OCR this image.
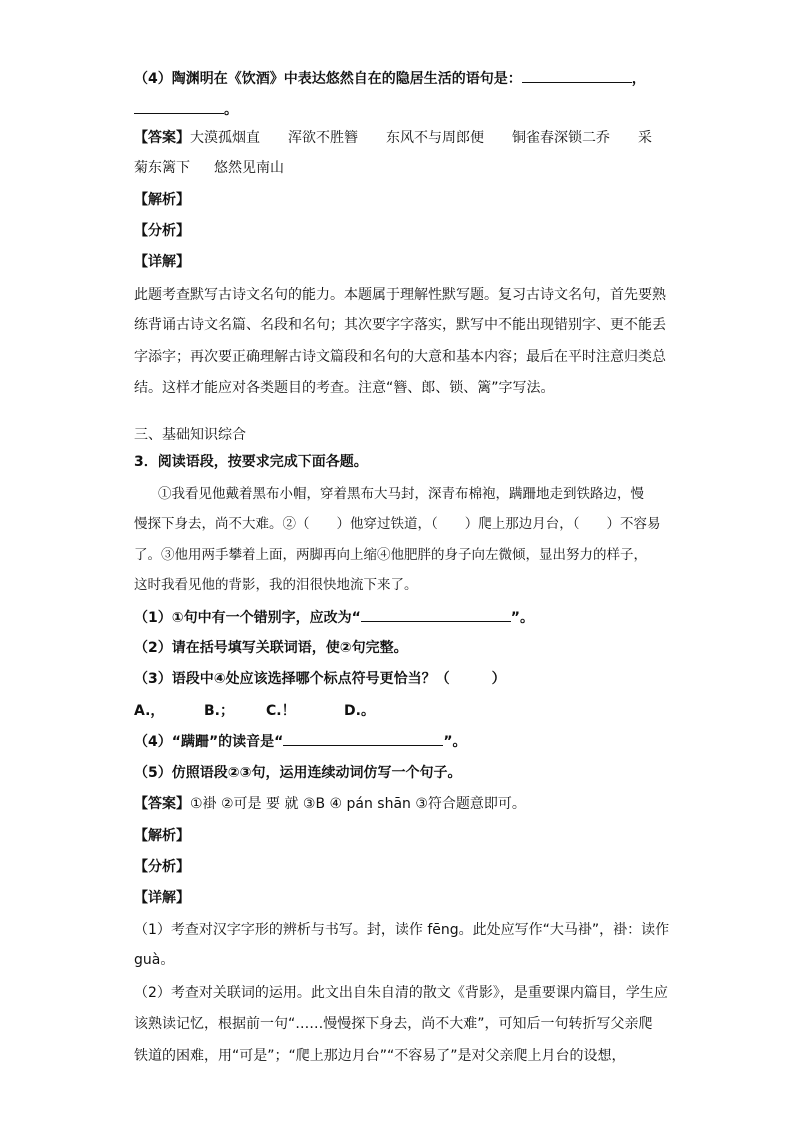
（4）陶渊明在《饮酒》中表达悠然自在的隐居生活的语句是：	，
。
【答案】大漠孤烟直 浑欲不胜簪 东风不与周郎便 铜雀春深锁二乔 采
菊东篱下 悠然见南山
【解析】
【分析】
【详解】
此题考查默写古诗文名句的能力。本题属于理解性默写题。复习古诗文名句，首先要熟
练背诵古诗文名篇、名段和名句；其次要字字落实，默写中不能出现错别字、更不能丢
字添字；再次要正确理解古诗文篇段和名句的大意和基本内容；最后在平时注意归类总
结。这样才能应对各类题目的考查。注意“簪、郎、锁、篱”字写法。
三、基础知识综合
3．阅读语段，按要求完成下面各题。
①我看见他戴着黑布小帽，穿着黑布大马封，深青布棉袍，蹒跚地走到铁路边，慢
慢探下身去，尚不大难。②（　　）他穿过铁道，（　　）爬上那边月台，（　　）不容易
了。③他用两手攀着上面，两脚再向上缩④他肥胖的身子向左微倾，显出努力的样子，
这时我看见他的背影，我的泪很快地流下来了。
（1）①句中有一个错别字，应改为“	”。
（2）请在括号填写关联词语，使②句完整。
（3）语段中④处应该选择哪个标点符号更恰当？（　　　）
A.，	B.； C.！	D.。
（4）“蹒跚”的读音是“	”。
（5）仿照语段②③句，运用连续动词仿写一个句子。
【答案】①褂 ②可是 要 就 ③B ④ pán shān ③符合题意即可。
【解析】
【分析】
【详解】
（1）考查对汉字字形的辨析与书写。封，读作 fēng。此处应写作“大马褂”，褂：读作
guà。
（2）考查对关联词的运用。此文出自朱自清的散文《背影》，是重要课内篇目，学生应
该熟读记忆，根据前一句“……慢慢探下身去，尚不大难”，可知后一句转折写父亲爬
铁道的困难，用“可是”；“爬上那边月台”“不容易了”是对父亲爬上月台的设想，
